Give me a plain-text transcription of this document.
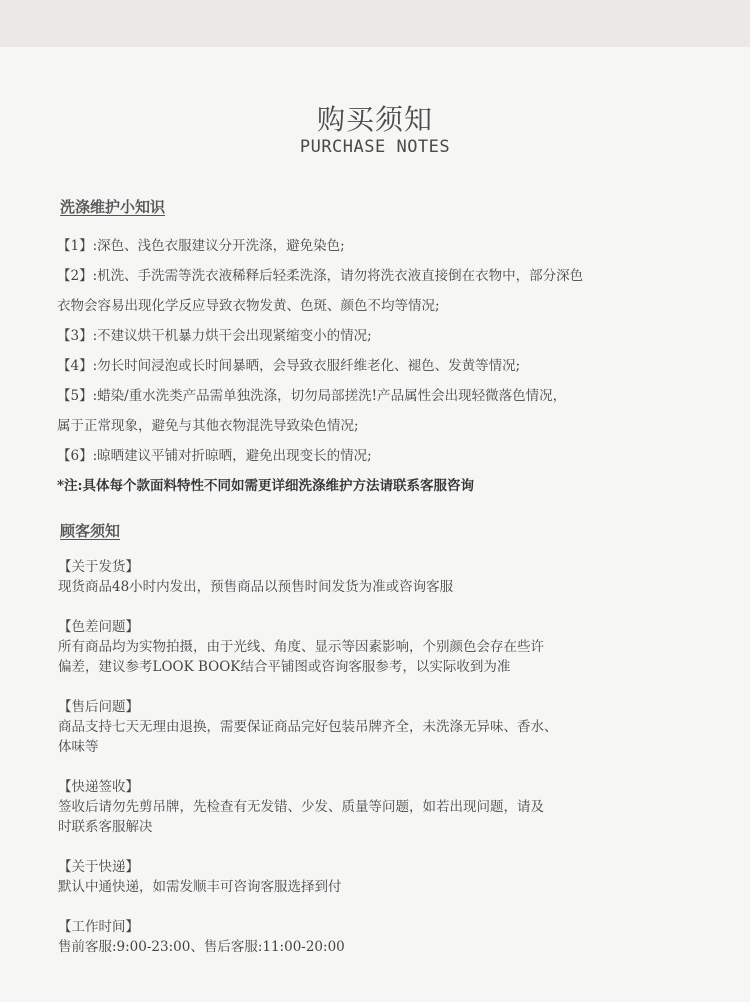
购买须知
PURCHASE NOTES
洗涤维护小知识
【1】:深色、浅色衣服建议分开洗涤，避免染色;
【2】:机洗、手洗需等洗衣液稀释后轻柔洗涤，请勿将洗衣液直接倒在衣物中，部分深色
衣物会容易出现化学反应导致衣物发黄、色斑、颜色不均等情况;
【3】:不建议烘干机暴力烘干会出现紧缩变小的情况;
【4】:勿长时间浸泡或长时间暴晒，会导致衣服纤维老化、褪色、发黄等情况;
【5】:蜡染/重水洗类产品需单独洗涤，切勿局部搓洗!产品属性会出现轻微落色情况，
属于正常现象，避免与其他衣物混洗导致染色情况;
【6】:晾晒建议平铺对折晾晒，避免出现变长的情况;
*注:具体每个款面料特性不同如需更详细洗涤维护方法请联系客服咨询
顾客须知
【关于发货】
现货商品48小时内发出，预售商品以预售时间发货为准或咨询客服
【色差问题】
所有商品均为实物拍摄，由于光线、角度、显示等因素影响，个别颜色会存在些许
偏差，建议参考LOOK BOOK结合平铺图或咨询客服参考，以实际收到为准
【售后问题】
商品支持七天无理由退换，需要保证商品完好包装吊牌齐全，未洗涤无异味、香水、
体味等
【快递签收】
签收后请勿先剪吊牌，先检查有无发错、少发、质量等问题，如若出现问题，请及
时联系客服解决
【关于快递】
默认中通快递，如需发顺丰可咨询客服选择到付
【工作时间】
售前客服:9:00-23:00、售后客服:11:00-20:00
